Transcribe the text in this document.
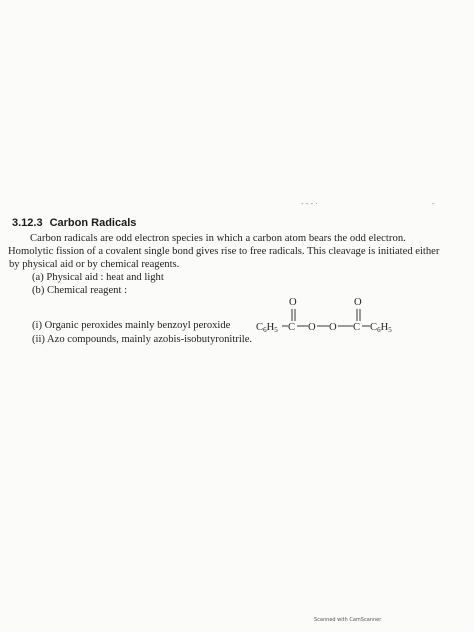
- - - ·	-
3.12.3 Carbon Radicals
Carbon radicals are odd electron species in which a carbon atom bears the odd electron.
Homolytic fission of a covalent single bond gives rise to free radicals. This cleavage is initiated either
by physical aid or by chemical reagents.
(a) Physical aid : heat and light
(b) Chemical reagent :
(i) Organic peroxides mainly benzoyl peroxide
(ii) Azo compounds, mainly azobis-isobutyronitrile.
O	O
C6H5 C O O C C6H5
Scanned with CamScanner
